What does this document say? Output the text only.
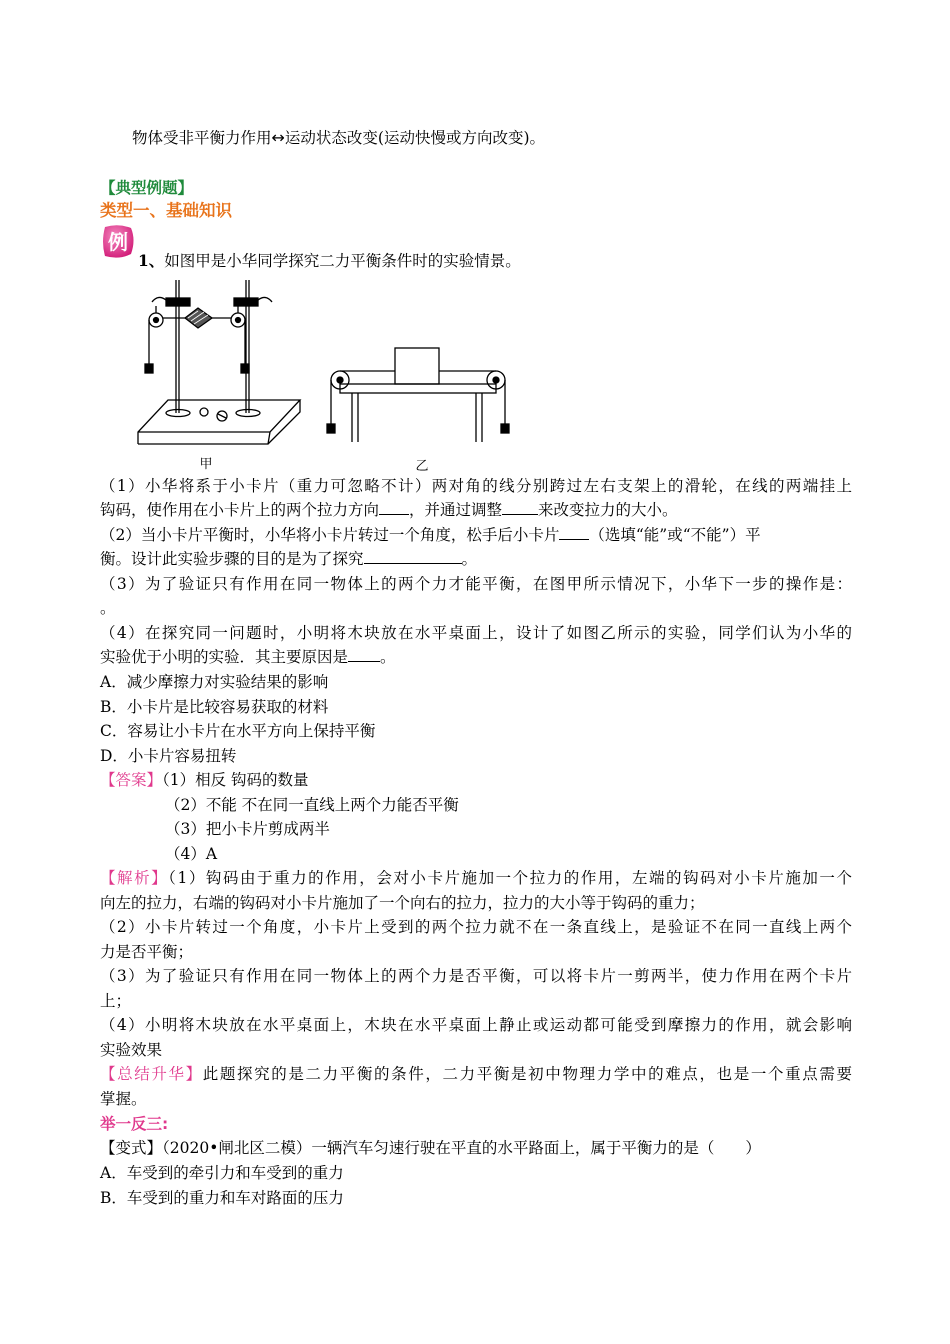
物体受非平衡力作用↔运动状态改变(运动快慢或方向改变)。
【典型例题】
类型一、基础知识
例
1、如图甲是小华同学探究二力平衡条件时的实验情景。
甲	乙
（1）小华将系于小卡片（重力可忽略不计）两对角的线分别跨过左右支架上的滑轮，在线的两端挂上
钩码，使作用在小卡片上的两个拉力方向 ，并通过调整 来改变拉力的大小。
（2）当小卡片平衡时，小华将小卡片转过一个角度，松手后小卡片 （选填“能”或“不能”）平
衡。设计此实验步骤的目的是为了探究	。
（3）为了验证只有作用在同一物体上的两个力才能平衡，在图甲所示情况下，小华下一步的操作是：
。
（4）在探究同一问题时，小明将木块放在水平桌面上，设计了如图乙所示的实验，同学们认为小华的
实验优于小明的实验．其主要原因是 。
A．减少摩擦力对实验结果的影响
B．小卡片是比较容易获取的材料
C．容易让小卡片在水平方向上保持平衡
D．小卡片容易扭转
【答案】（1）相反 钩码的数量
（2）不能 不在同一直线上两个力能否平衡
（3）把小卡片剪成两半
（4）A
【解析】（1）钩码由于重力的作用，会对小卡片施加一个拉力的作用，左端的钩码对小卡片施加一个
向左的拉力，右端的钩码对小卡片施加了一个向右的拉力，拉力的大小等于钩码的重力；
（2）小卡片转过一个角度，小卡片上受到的两个拉力就不在一条直线上，是验证不在同一直线上两个
力是否平衡；
（3）为了验证只有作用在同一物体上的两个力是否平衡，可以将卡片一剪两半，使力作用在两个卡片
上；
（4）小明将木块放在水平桌面上，木块在水平桌面上静止或运动都可能受到摩擦力的作用，就会影响
实验效果
【总结升华】此题探究的是二力平衡的条件，二力平衡是初中物理力学中的难点，也是一个重点需要
掌握。
举一反三:
【变式】（2020•闸北区二模）一辆汽车匀速行驶在平直的水平路面上，属于平衡力的是（　　）
A．车受到的牵引力和车受到的重力
B．车受到的重力和车对路面的压力
